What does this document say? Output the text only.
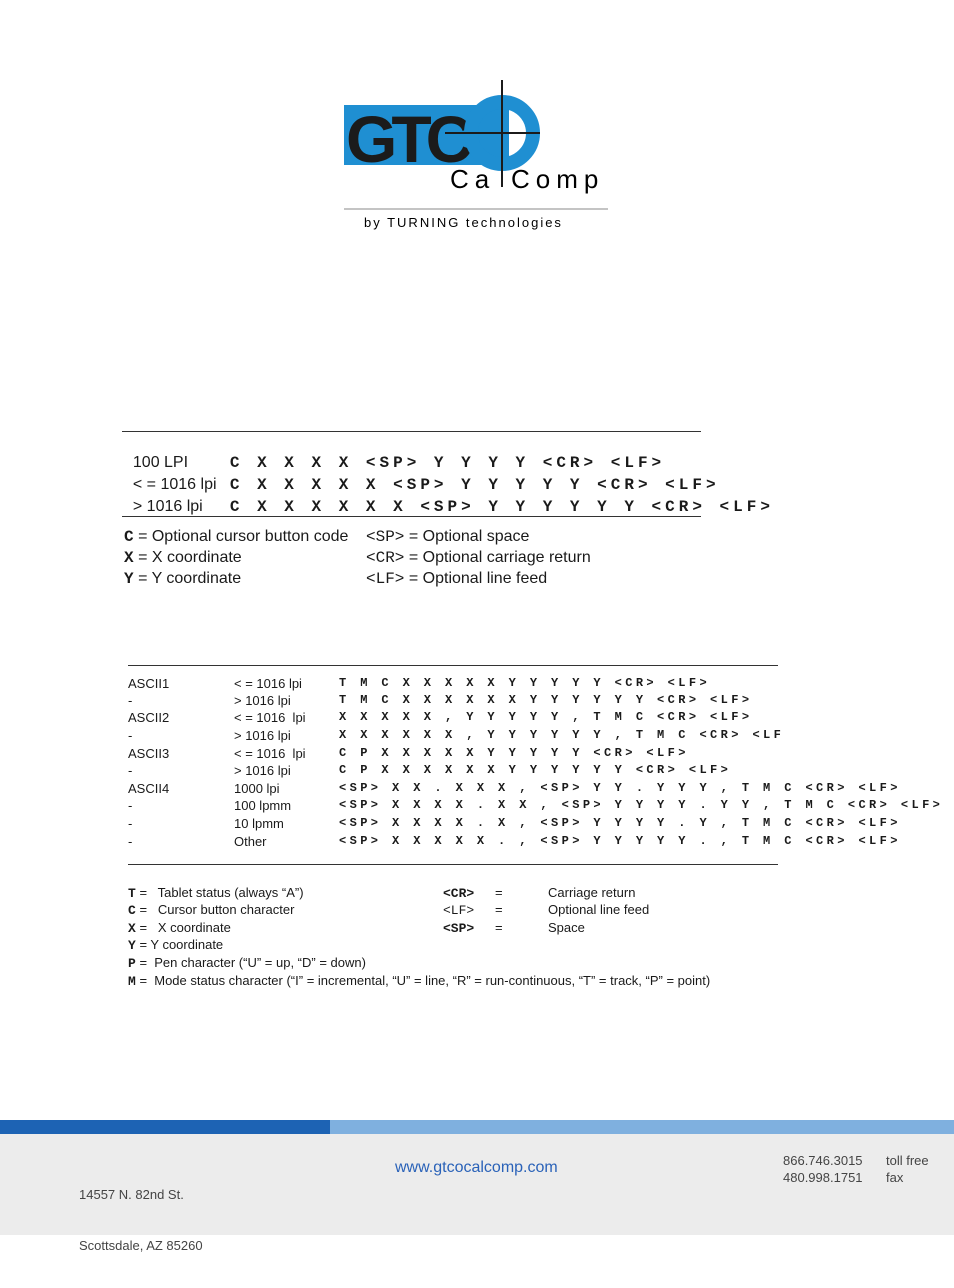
GTC
Ca Comp
by TURNING technologies

100 LPI	C X X X X <SP> Y Y Y Y <CR> <LF>

< = 1016 lpi C X X X X X <SP> Y Y Y Y Y <CR> <LF>

> 1016 lpi C X X X X X X <SP> Y Y Y Y Y Y <CR> <LF>

C = Optional cursor button code
X = X coordinate
Y = Y coordinate
<SP> = Optional space
<CR> = Optional carriage return
<LF> = Optional line feed
ASCII1	< = 1016 lpi	T M C X X X X X Y Y Y Y Y <CR> <LF>
-	> 1016 lpi	T M C X X X X X X Y Y Y Y Y Y <CR> <LF>
ASCII2	< = 1016  lpi	X X X X X , Y Y Y Y Y , T M C <CR> <LF>
-	> 1016 lpi	X X X X X X , Y Y Y Y Y Y , T M C <CR> <LF
ASCII3	< = 1016  lpi	C P X X X X X Y Y Y Y Y <CR> <LF>
-	> 1016 lpi	C P X X X X X X Y Y Y Y Y Y <CR> <LF>
ASCII4	1000 lpi	<SP> X X . X X X , <SP> Y Y . Y Y Y , T M C <CR> <LF>
-	100 lpmm	<SP> X X X X . X X , <SP> Y Y Y Y . Y Y , T M C <CR> <LF>
-	10 lpmm	<SP> X X X X . X , <SP> Y Y Y Y . Y , T M C <CR> <LF>
-	Other	<SP> X X X X X . , <SP> Y Y Y Y Y . , T M C <CR> <LF>
T =   Tablet status (always “A”)
C =   Cursor button character
X =   X coordinate
Y = Y coordinate
P =  Pen character (“U” = up, “D” = down)
M =  Mode status character (“I” = incremental, “U” = line, “R” = run-continuous, “T” = track, “P” = point)
<CR> =	Carriage return
<LF> =	Optional line feed
<SP> =	Space

14557 N. 82nd St.

Scottsdale, AZ 85260

www.gtcocalcomp.com	866.746.3015 toll free
480.998.1751 fax
